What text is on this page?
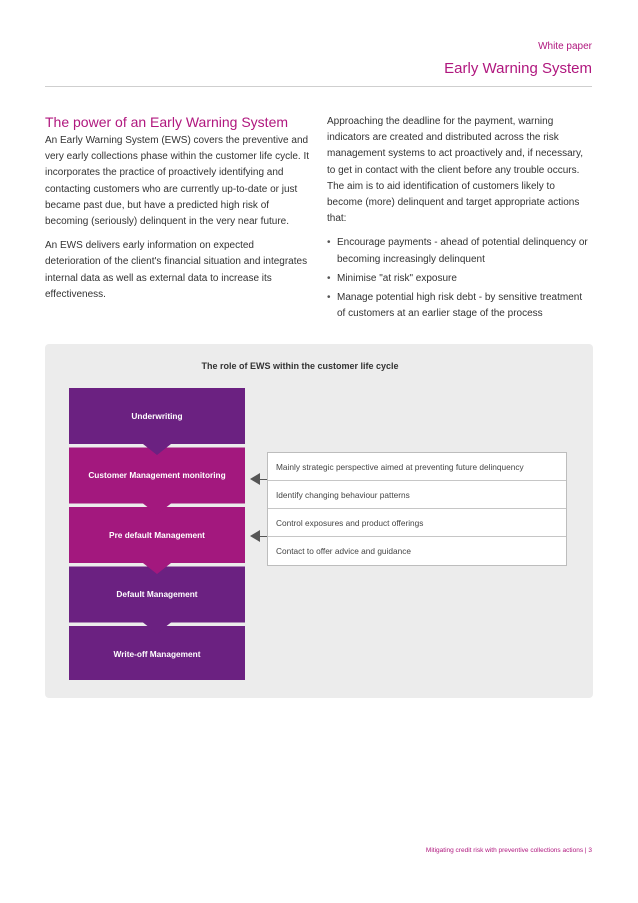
White paper
Early Warning System
The power of an Early Warning System

An Early Warning System (EWS) covers the preventive and very early collections phase within the customer life cycle. It incorporates the practice of proactively identifying and contacting customers who are currently up-to-date or just became past due, but have a predicted high risk of becoming (seriously) delinquent in the very near future.

An EWS delivers early information on expected deterioration of the client's financial situation and integrates internal data as well as external data to increase its effectiveness.

Approaching the deadline for the payment, warning indicators are created and distributed across the risk management systems to act proactively and, if necessary, to get in contact with the client before any trouble occurs. The aim is to aid identification of customers likely to become (more) delinquent and target appropriate actions that:

• Encourage payments - ahead of potential delinquency or becoming increasingly delinquent
• Minimise "at risk" exposure
• Manage potential high risk debt - by sensitive treatment of customers at an earlier stage of the process
The role of EWS within the customer life cycle
Underwriting
Customer Management monitoring
Pre default Management
Default Management
Write-off Management
Mainly strategic perspective aimed at preventing future delinquency
Identify changing behaviour patterns
Control exposures and product offerings
Contact to offer advice and guidance
Mitigating credit risk with preventive collections actions | 3
